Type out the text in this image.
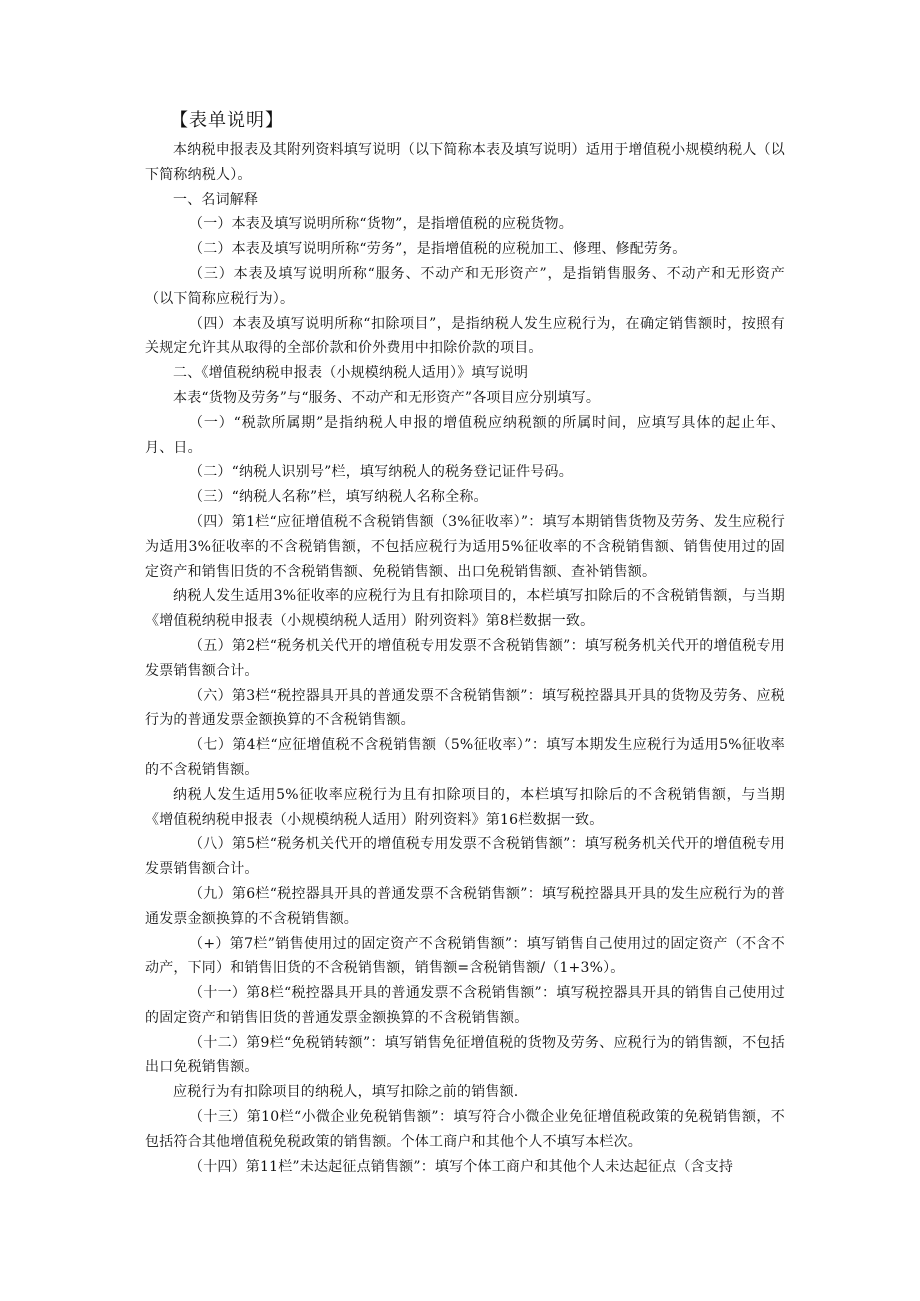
【表单说明】

本纳税申报表及其附列资料填写说明（以下简称本表及填写说明）适用于增值税小规模纳税人（以下简称纳税人）。

一、名词解释

（一）本表及填写说明所称“货物”，是指增值税的应税货物。

（二）本表及填写说明所称“劳务”，是指增值税的应税加工、修理、修配劳务。

（三）本表及填写说明所称“服务、不动产和无形资产”，是指销售服务、不动产和无形资产（以下简称应税行为）。

（四）本表及填写说明所称“扣除项目”，是指纳税人发生应税行为，在确定销售额时，按照有关规定允许其从取得的全部价款和价外费用中扣除价款的项目。

二、《增值税纳税申报表（小规模纳税人适用）》填写说明

本表“货物及劳务”与“服务、不动产和无形资产”各项目应分别填写。

（一）“税款所属期”是指纳税人申报的增值税应纳税额的所属时间，应填写具体的起止年、月、日。

（二）“纳税人识别号”栏，填写纳税人的税务登记证件号码。

（三）“纳税人名称”栏，填写纳税人名称全称。

（四）第1栏“应征增值税不含税销售额（3%征收率）”：填写本期销售货物及劳务、发生应税行为适用3%征收率的不含税销售额，不包括应税行为适用5%征收率的不含税销售额、销售使用过的固定资产和销售旧货的不含税销售额、免税销售额、出口免税销售额、查补销售额。

纳税人发生适用3%征收率的应税行为且有扣除项目的，本栏填写扣除后的不含税销售额，与当期《增值税纳税申报表（小规模纳税人适用）附列资料》第8栏数据一致。

（五）第2栏“税务机关代开的增值税专用发票不含税销售额”：填写税务机关代开的增值税专用发票销售额合计。

（六）第3栏“税控器具开具的普通发票不含税销售额”：填写税控器具开具的货物及劳务、应税行为的普通发票金额换算的不含税销售额。

（七）第4栏“应征增值税不含税销售额（5%征收率）”：填写本期发生应税行为适用5%征收率的不含税销售额。

纳税人发生适用5%征收率应税行为且有扣除项目的，本栏填写扣除后的不含税销售额，与当期《增值税纳税申报表（小规模纳税人适用）附列资料》第16栏数据一致。

（八）第5栏“税务机关代开的增值税专用发票不含税销售额”：填写税务机关代开的增值税专用发票销售额合计。

（九）第6栏“税控器具开具的普通发票不含税销售额”：填写税控器具开具的发生应税行为的普通发票金额换算的不含税销售额。

（+）第7栏”销售使用过的固定资产不含税销售额”：填写销售自己使用过的固定资产（不含不动产，下同）和销售旧货的不含税销售额，销售额=含税销售额/（1+3%）。

（十一）第8栏“税控器具开具的普通发票不含税销售额”：填写税控器具开具的销售自己使用过的固定资产和销售旧货的普通发票金额换算的不含税销售额。

（十二）第9栏“免税销转额”：填写销售免征增值税的货物及劳务、应税行为的销售额，不包括出口免税销售额。

应税行为有扣除项目的纳税人，填写扣除之前的销售额.

（十三）第10栏“小微企业免税销售额”：填写符合小微企业免征增值税政策的免税销售额，不包括符合其他增值税免税政策的销售额。个体工商户和其他个人不填写本栏次。

（十四）第11栏”未达起征点销售额”：填写个体工商户和其他个人未达起征点（含支持
